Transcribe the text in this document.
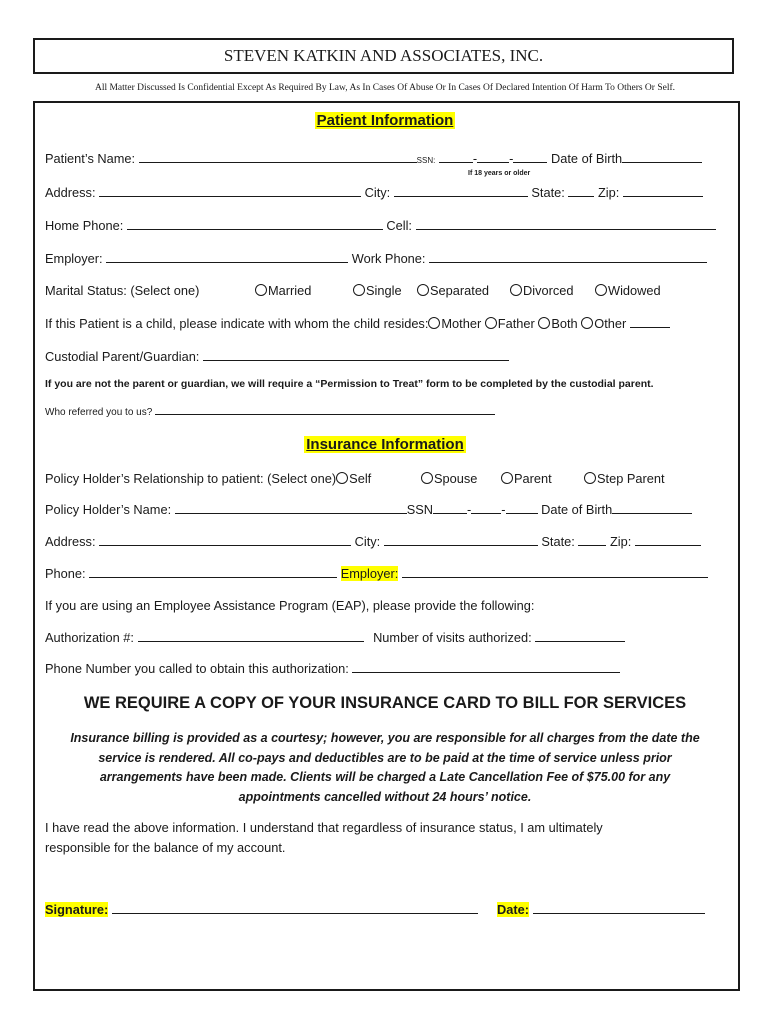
STEVEN KATKIN AND ASSOCIATES, INC.
All Matter Discussed Is Confidential Except As Required By Law, As In Cases Of Abuse Or In Cases Of Declared Intention Of Harm To Others Or Self.
Patient Information
Patient’s Name:	SSN:	-	-	Date of Birth
If 18 years or older
Address:	City:	State:	Zip:
Home Phone:	Cell:
Employer:	Work Phone:
Marital Status: (Select one)	Married	Single	Separated	Divorced	Widowed
If this Patient is a child, please indicate with whom the child resides: Mother Father Both Other
Custodial Parent/Guardian:
If you are not the parent or guardian, we will require a “Permission to Treat” form to be completed by the custodial parent.
Who referred you to us?
Insurance Information
Policy Holder’s Relationship to patient: (Select one) Self	Spouse	Parent	Step Parent
Policy Holder’s Name:	SSN	- -	Date of Birth
Address:	City:	State:	Zip:
Phone:	Employer:
If you are using an Employee Assistance Program (EAP), please provide the following:
Authorization #:	Number of visits authorized:
Phone Number you called to obtain this authorization:
WE REQUIRE A COPY OF YOUR INSURANCE CARD TO BILL FOR SERVICES
Insurance billing is provided as a courtesy; however, you are responsible for all charges from the date the
service is rendered. All co-pays and deductibles are to be paid at the time of service unless prior
arrangements have been made. Clients will be charged a Late Cancellation Fee of $75.00 for any
appointments cancelled without 24 hours’ notice.
I have read the above information. I understand that regardless of insurance status, I am ultimately
responsible for the balance of my account.
Signature:	Date:
